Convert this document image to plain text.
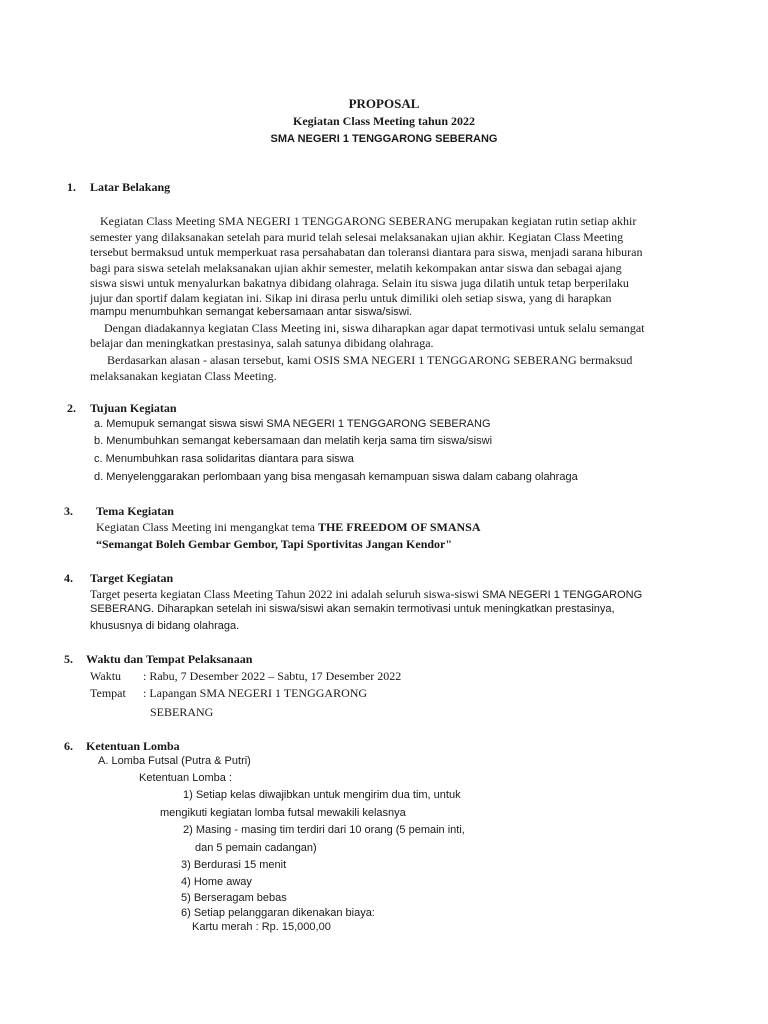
PROPOSAL
Kegiatan Class Meeting tahun 2022
SMA NEGERI 1 TENGGARONG SEBERANG
1. Latar Belakang
Kegiatan Class Meeting SMA NEGERI 1 TENGGARONG SEBERANG merupakan kegiatan rutin setiap akhir
semester yang dilaksanakan setelah para murid telah selesai melaksanakan ujian akhir. Kegiatan Class Meeting
tersebut bermaksud untuk memperkuat rasa persahabatan dan toleransi diantara para siswa, menjadi sarana hiburan
bagi para siswa setelah melaksanakan ujian akhir semester, melatih kekompakan antar siswa dan sebagai ajang
siswa siswi untuk menyalurkan bakatnya dibidang olahraga. Selain itu siswa juga dilatih untuk tetap berperilaku
jujur dan sportif dalam kegiatan ini. Sikap ini dirasa perlu untuk dimiliki oleh setiap siswa, yang di harapkan
mampu menumbuhkan semangat kebersamaan antar siswa/siswi.
Dengan diadakannya kegiatan Class Meeting ini, siswa diharapkan agar dapat termotivasi untuk selalu semangat
belajar dan meningkatkan prestasinya, salah satunya dibidang olahraga.
Berdasarkan alasan - alasan tersebut, kami OSIS SMA NEGERI 1 TENGGARONG SEBERANG bermaksud
melaksanakan kegiatan Class Meeting.
2. Tujuan Kegiatan
a. Memupuk semangat siswa siswi SMA NEGERI 1 TENGGARONG SEBERANG
b. Menumbuhkan semangat kebersamaan dan melatih kerja sama tim siswa/siswi
c. Menumbuhkan rasa solidaritas diantara para siswa
d. Menyelenggarakan perlombaan yang bisa mengasah kemampuan siswa dalam cabang olahraga
3. Tema Kegiatan
Kegiatan Class Meeting ini mengangkat tema THE FREEDOM OF SMANSA
“Semangat Boleh Gembar Gembor, Tapi Sportivitas Jangan Kendor"
4. Target Kegiatan
Target peserta kegiatan Class Meeting Tahun 2022 ini adalah seluruh siswa-siswi SMA NEGERI 1 TENGGARONG
SEBERANG. Diharapkan setelah ini siswa/siswi akan semakin termotivasi untuk meningkatkan prestasinya,
khususnya di bidang olahraga.
5. Waktu dan Tempat Pelaksanaan
Waktu : Rabu, 7 Desember 2022 – Sabtu, 17 Desember 2022
Tempat : Lapangan SMA NEGERI 1 TENGGARONG
SEBERANG
6. Ketentuan Lomba
A. Lomba Futsal (Putra & Putri)
Ketentuan Lomba :
1) Setiap kelas diwajibkan untuk mengirim dua tim, untuk
mengikuti kegiatan lomba futsal mewakili kelasnya
2) Masing - masing tim terdiri dari 10 orang (5 pemain inti,
dan 5 pemain cadangan)
3) Berdurasi 15 menit
4) Home away
5) Berseragam bebas
6) Setiap pelanggaran dikenakan biaya:
Kartu merah : Rp. 15,000,00
